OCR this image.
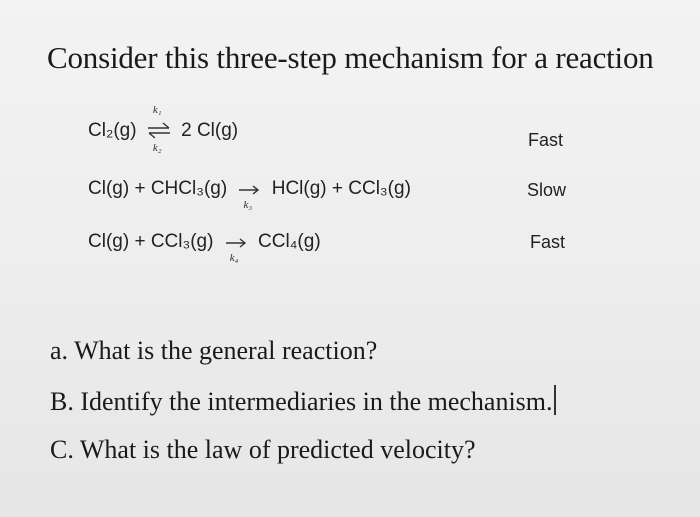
Consider this three-step mechanism for a reaction
Cl₂(g)
k₁
k₂
2 Cl(g)	Fast
Cl(g) + CHCl₃(g)
k₃
HCl(g) + CCl₃(g)	Slow
Cl(g) + CCl₃(g)
k₄
CCl₄(g)	Fast
a. What is the general reaction?
B. Identify the intermediaries in the mechanism.
C. What is the law of predicted velocity?
